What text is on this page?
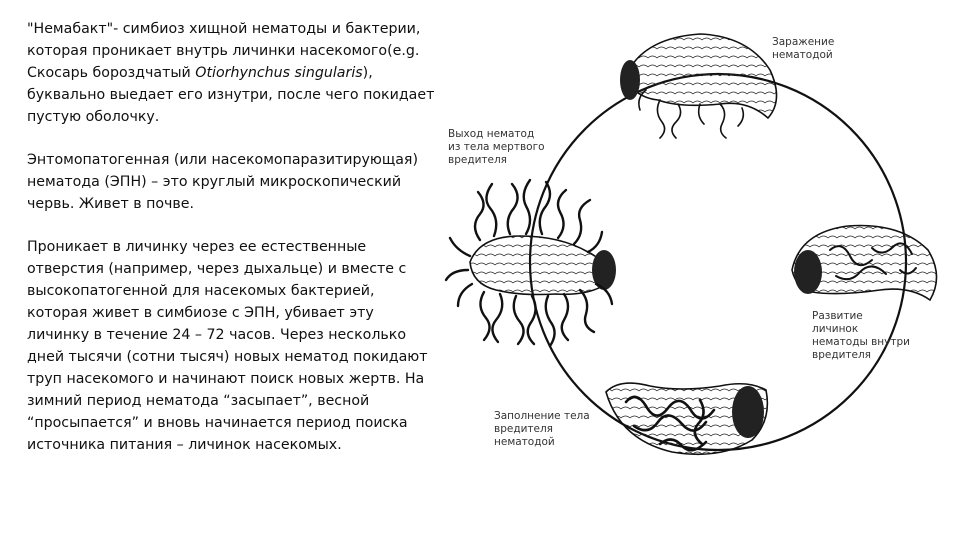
"Немабакт"- симбиоз хищной нематоды и бактерии, которая проникает внутрь личинки насекомого(e.g. Скосарь бороздчатый Otiorhynchus singularis), буквально выедает его изнутри, после чего покидает пустую оболочку.

Энтомопатогенная (или насекомопаразитирующая) нематода (ЭПН) – это круглый микроскопический червь. Живет в почве.

Проникает в личинку через ее естественные отверстия (например, через дыхальце) и вместе с высокопатогенной для насекомых бактерией, которая живет в симбиозе с ЭПН, убивает эту личинку в течение 24 – 72 часов. Через несколько дней тысячи (сотни тысяч) новых нематод покидают труп насекомого и начинают поиск новых жертв. На зимний период нематода “засыпает”, весной “просыпается” и вновь начинается период поиска источника питания – личинок насекомых.

Заражение нематодой
Выход нематод из тела мертвого вредителя
Развитие личинок нематоды внутри вредителя
Заполнение тела вредителя нематодой
